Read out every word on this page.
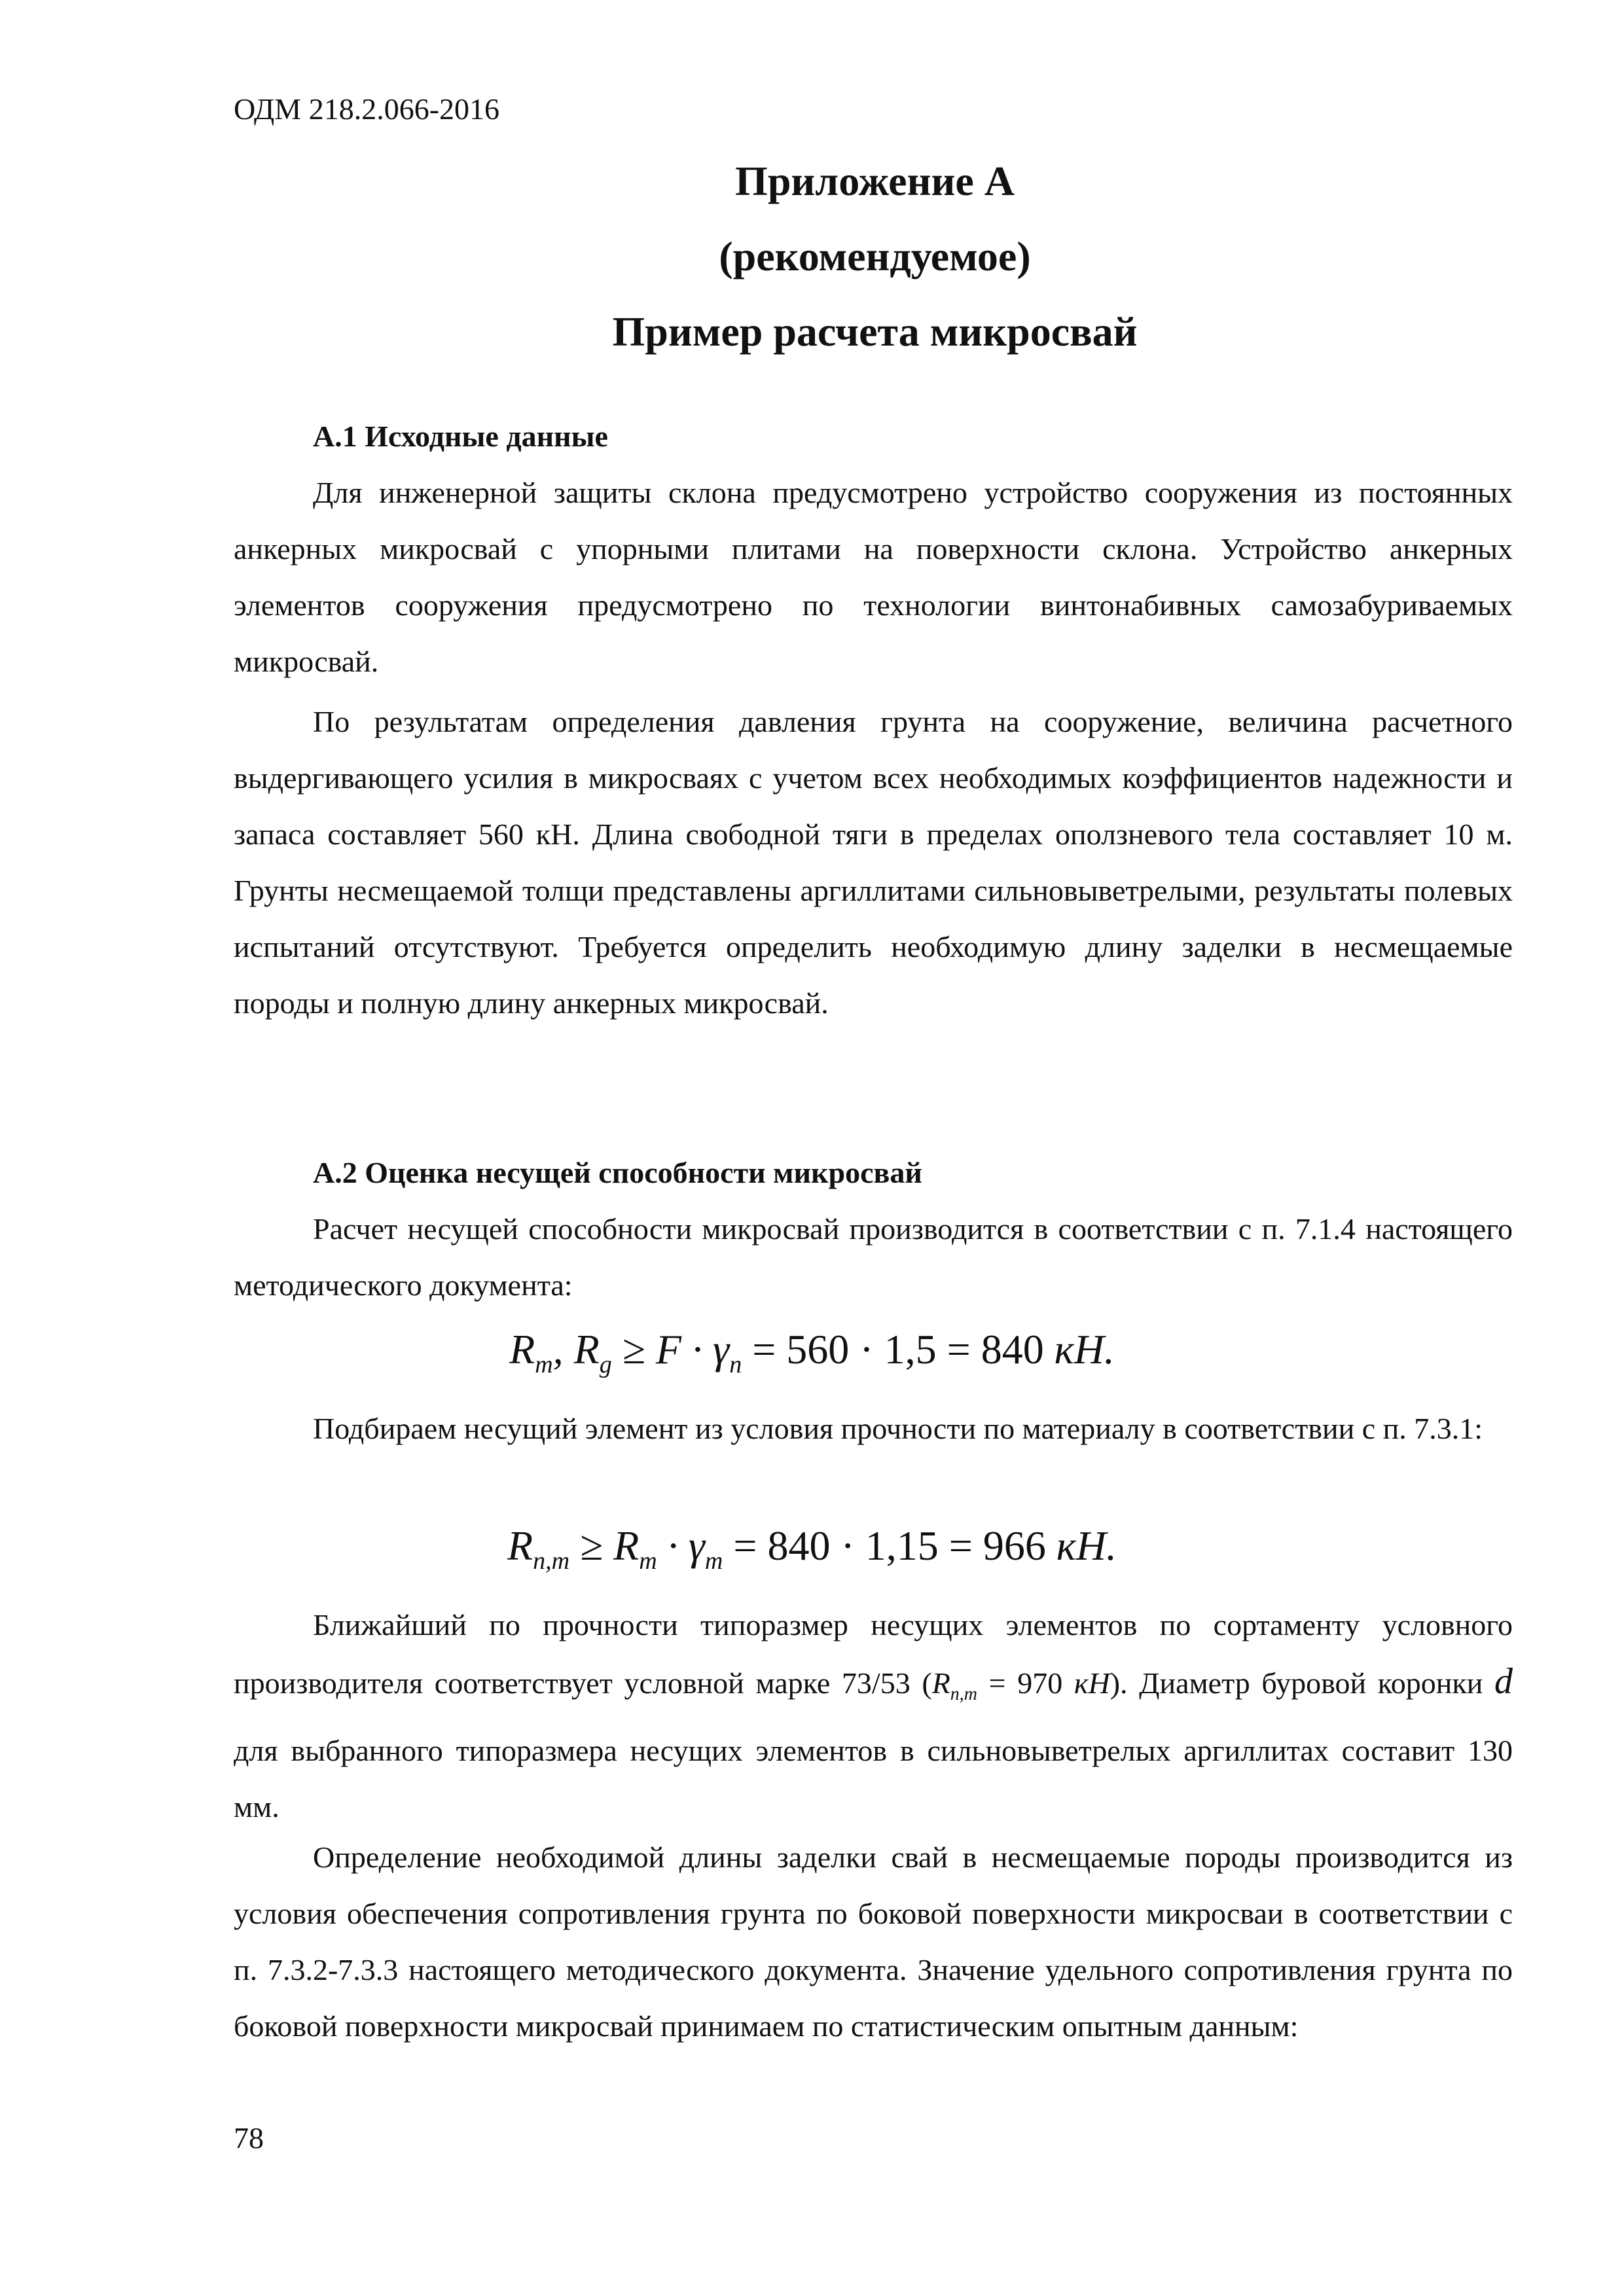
ОДМ 218.2.066-2016
Приложение А
(рекомендуемое)
Пример расчета микросвай
А.1 Исходные данные

Для инженерной защиты склона предусмотрено устройство сооружения из постоянных анкерных микросвай с упорными плитами на поверхности склона. Устройство анкерных элементов сооружения предусмотрено по технологии винтонабивных самозабуриваемых микросвай.

По результатам определения давления грунта на сооружение, величина расчетного выдергивающего усилия в микросваях с учетом всех необходимых коэффициентов надежности и запаса составляет 560 кН. Длина свободной тяги в пределах оползневого тела составляет 10 м. Грунты несмещаемой толщи представлены аргиллитами сильновыветрелыми, результаты полевых испытаний отсутствуют. Требуется определить необходимую длину заделки в несмещаемые породы и полную длину анкерных микросвай.

А.2 Оценка несущей способности микросвай

Расчет несущей способности микросвай производится в соответствии с п. 7.1.4 настоящего методического документа:

$R_m$, $R_g \ge F \cdot \gamma_n = 560 \cdot 1,5 = 840$ кН.

Подбираем несущий элемент из условия прочности по материалу в соответствии с п. 7.3.1:

$R_{n,m} \ge R_m \cdot \gamma_m = 840 \cdot 1,15 = 966$ кН.

Ближайший по прочности типоразмер несущих элементов по сортаменту условного производителя соответствует условной марке 73/53 ($R_{n,m} = 970$ кН). Диаметр буровой коронки d для выбранного типоразмера несущих элементов в сильновыветрелых аргиллитах составит 130 мм.

Определение необходимой длины заделки свай в несмещаемые породы производится из условия обеспечения сопротивления грунта по боковой поверхности микросваи в соответствии с п. 7.3.2-7.3.3 настоящего методического документа. Значение удельного сопротивления грунта по боковой поверхности микросвай принимаем по статистическим опытным данным:

78
